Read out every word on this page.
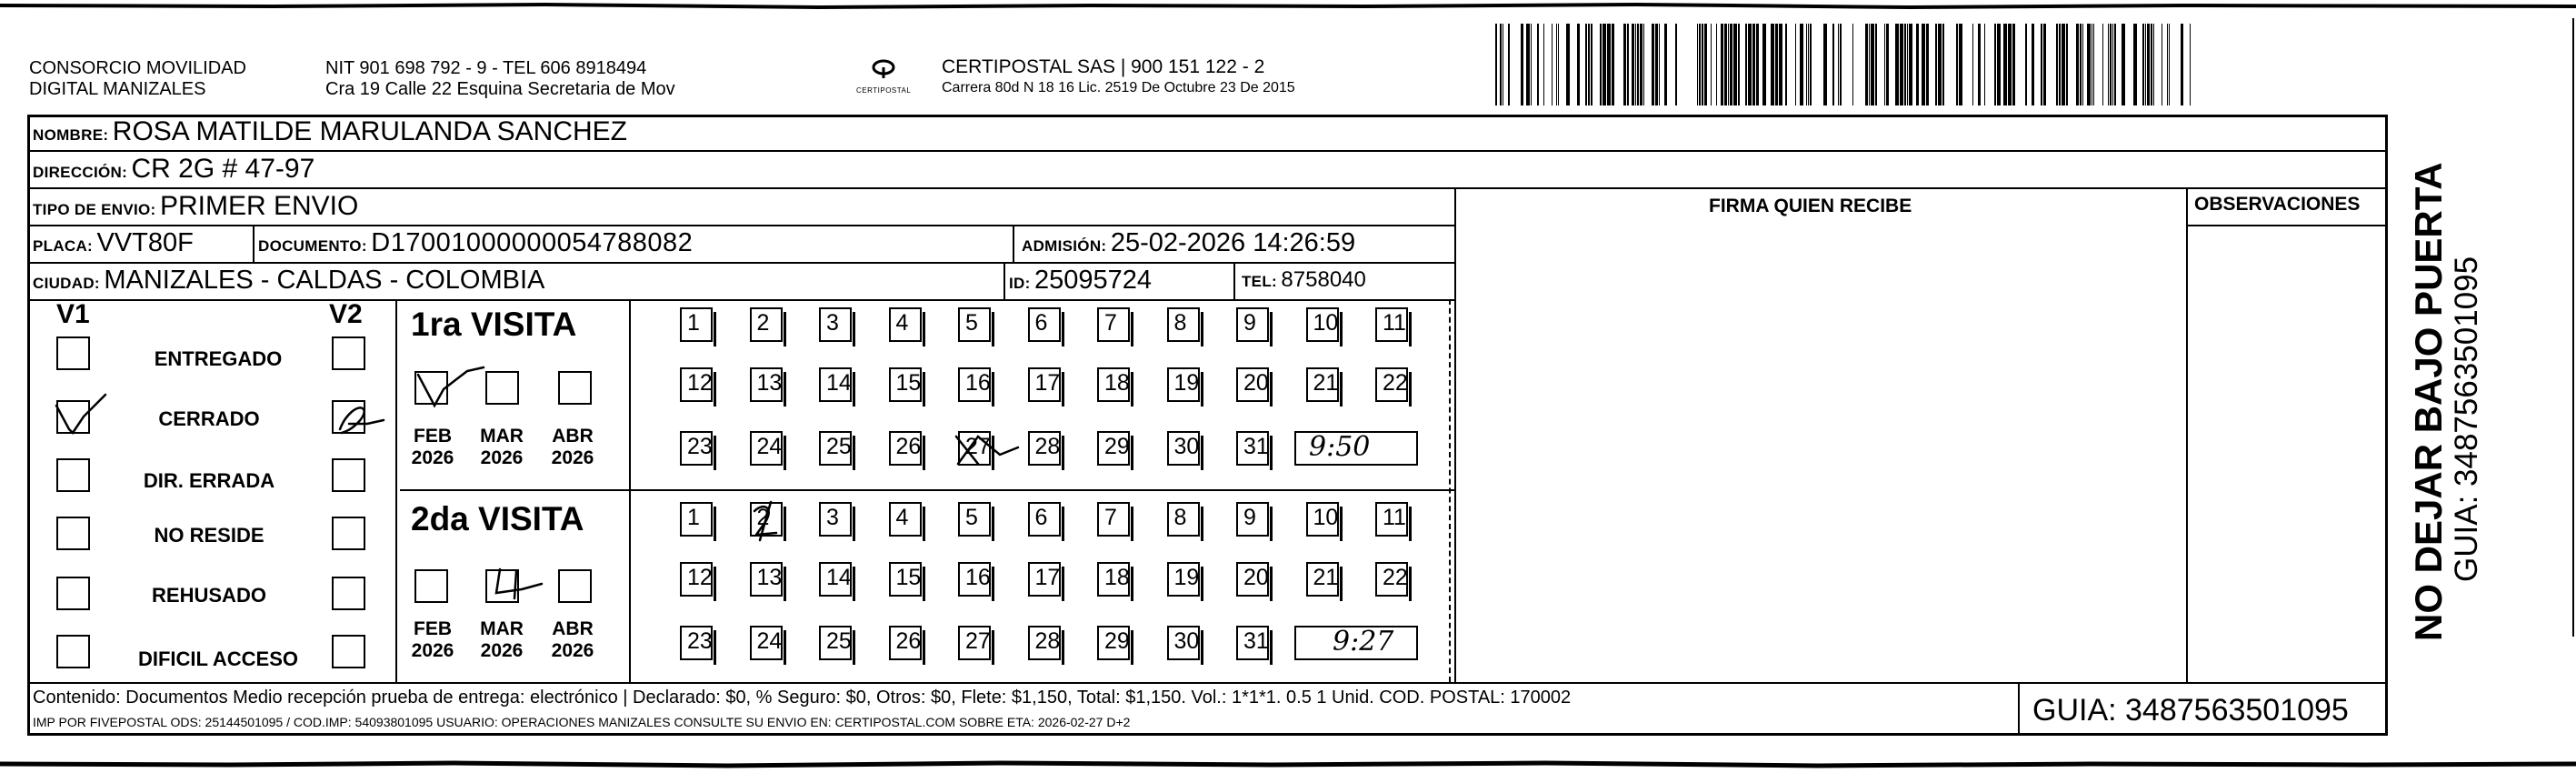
CONSORCIO MOVILIDAD
DIGITAL MANIZALES
NIT 901 698 792 - 9 - TEL 606 8918494
Cra 19 Calle 22 Esquina Secretaria de Mov	CERTIPOSTAL
CERTIPOSTAL SAS | 900 151 122 - 2
Carrera 80d N 18 16 Lic. 2519 De Octubre 23 De 2015
NOMBRE: ROSA MATILDE MARULANDA SANCHEZ
DIRECCIÓN: CR 2G # 47-97
TIPO DE ENVIO: PRIMER ENVIO	FIRMA QUIEN RECIBE	OBSERVACIONES
PLACA: VVT80F	DOCUMENTO: D17001000000054788082	ADMISIÓN: 25-02-2026 14:26:59
CIUDAD: MANIZALES - CALDAS - COLOMBIA	ID: 25095724	TEL: 8758040
V1	V2
ENTREGADO
CERRADO
DIR. ERRADA
NO RESIDE
REHUSADO
DIFICIL ACCESO
1ra VISITA
2da VISITA
FEB
2026
MAR
2026
ABR
2026
FEB
2026
MAR
2026
ABR
2026
1	2	3	4	5	6	7	8	9	10	11
12	13	14	15	16	17	18	19	20	21	22
23	24	25	26	27	28	29	30	31
1	2	3	4	5	6	7	8	9	10	11
12	13	14	15	16	17	18	19	20	21	22
23	24	25	26	27	28	29	30	31
9:50
9:27
Contenido: Documentos Medio recepción prueba de entrega: electrónico | Declarado: $0, % Seguro: $0, Otros: $0, Flete: $1,150, Total: $1,150. Vol.: 1*1*1. 0.5 1 Unid. COD. POSTAL: 170002
IMP POR FIVEPOSTAL ODS: 25144501095 / COD.IMP: 54093801095 USUARIO: OPERACIONES MANIZALES CONSULTE SU ENVIO EN: CERTIPOSTAL.COM SOBRE ETA: 2026-02-27 D+2	GUIA: 3487563501095
NO DEJAR BAJO PUERTA GUIA: 3487563501095
